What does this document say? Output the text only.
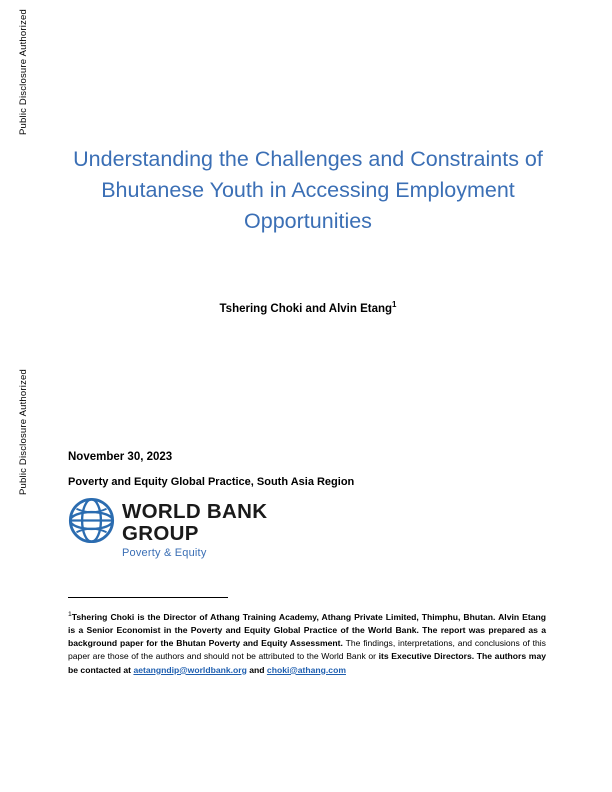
Public Disclosure Authorized
Public Disclosure Authorized
Understanding the Challenges and Constraints of Bhutanese Youth in Accessing Employment Opportunities
Tshering Choki and Alvin Etang$^1$
November 30, 2023
Poverty and Equity Global Practice, South Asia Region
WORLD BANK GROUP
Poverty & Equity
$^1$Tshering Choki is the Director of Athang Training Academy, Athang Private Limited, Thimphu, Bhutan. Alvin Etang is a Senior Economist in the Poverty and Equity Global Practice of the World Bank. The report was prepared as a background paper for the Bhutan Poverty and Equity Assessment. The findings, interpretations, and conclusions of this paper are those of the authors and should not be attributed to the World Bank or its Executive Directors. The authors may be contacted at aetangndip@worldbank.org and choki@athang.com
